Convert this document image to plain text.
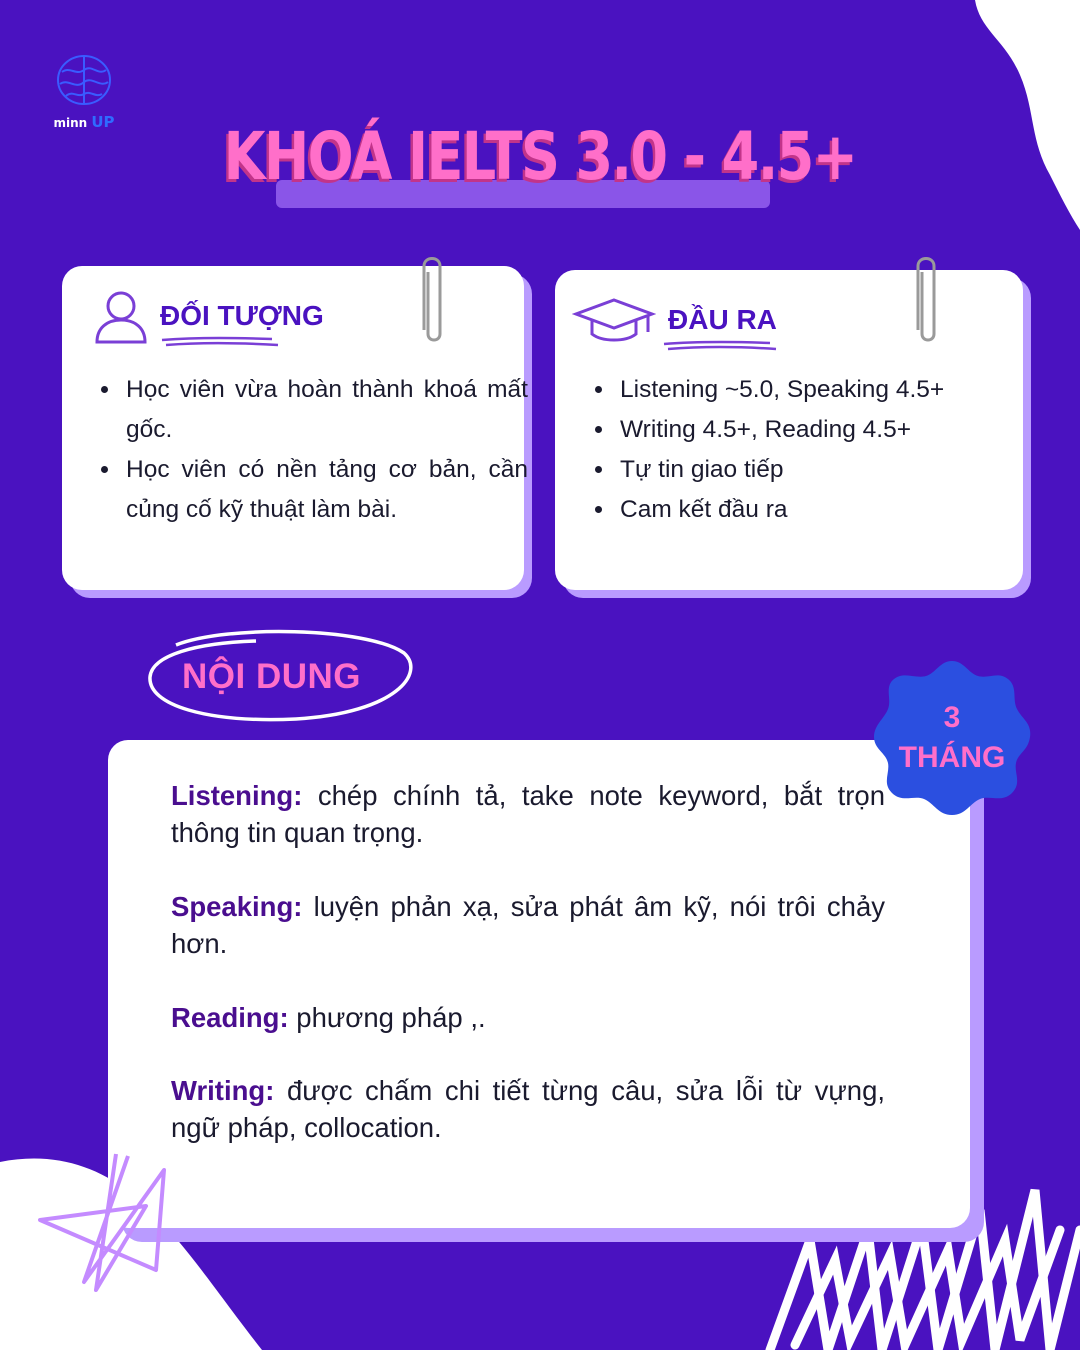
minn UP	KHOÁ IELTS 3.0 - 4.5+
ĐỐI TƯỢNG
• Học viên vừa hoàn thành khoá mất gốc.
• Học viên có nền tảng cơ bản, cần củng cố kỹ thuật làm bài.
ĐẦU RA
• Listening ~5.0, Speaking 4.5+
• Writing 4.5+, Reading 4.5+
• Tự tin giao tiếp
• Cam kết đầu ra
NỘI DUNG
Listening: chép chính tả, take note keyword, bắt trọn thông tin quan trọng.
Speaking: luyện phản xạ, sửa phát âm kỹ, nói trôi chảy hơn.
Reading: phương pháp ,.
Writing: được chấm chi tiết từng câu, sửa lỗi từ vựng, ngữ pháp, collocation.
3
THÁNG
